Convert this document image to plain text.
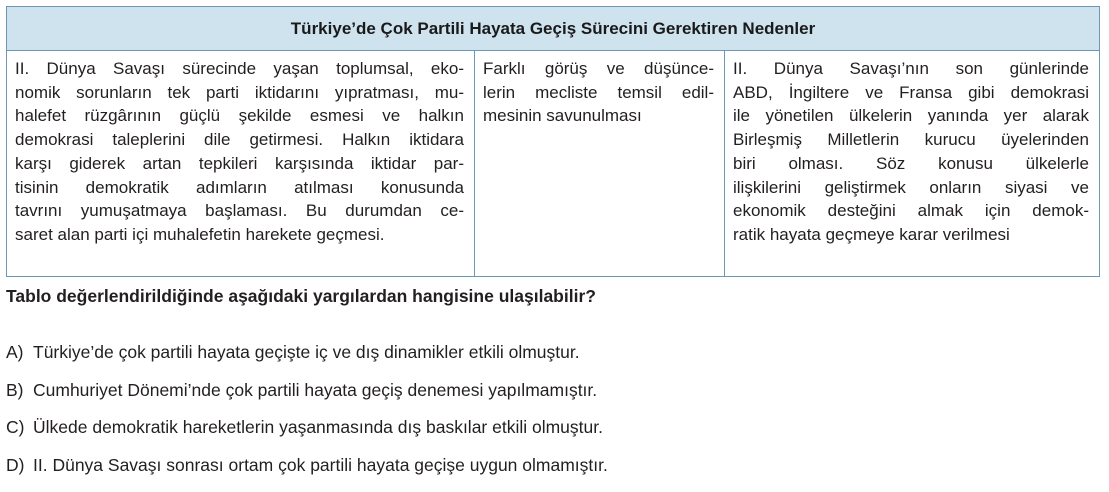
Türkiye’de Çok Partili Hayata Geçiş Sürecini Gerektiren Nedenler
II. Dünya Savaşı sürecinde yaşan toplumsal, eko-
nomik sorunların tek parti iktidarını yıpratması, mu-
halefet rüzgârının güçlü şekilde esmesi ve halkın
demokrasi taleplerini dile getirmesi. Halkın iktidara
karşı giderek artan tepkileri karşısında iktidar par-
tisinin demokratik adımların atılması konusunda
tavrını yumuşatmaya başlaması. Bu durumdan ce-
saret alan parti içi muhalefetin harekete geçmesi.
Farklı görüş ve düşünce-
lerin mecliste temsil edil-
mesinin savunulması
II. Dünya Savaşı’nın son günlerinde
ABD, İngiltere ve Fransa gibi demokrasi
ile yönetilen ülkelerin yanında yer alarak
Birleşmiş Milletlerin kurucu üyelerinden
biri olması. Söz konusu ülkelerle
ilişkilerini geliştirmek onların siyasi ve
ekonomik desteğini almak için demok-
ratik hayata geçmeye karar verilmesi
Tablo değerlendirildiğinde aşağıdaki yargılardan hangisine ulaşılabilir?
A) Türkiye’de çok partili hayata geçişte iç ve dış dinamikler etkili olmuştur.
B) Cumhuriyet Dönemi’nde çok partili hayata geçiş denemesi yapılmamıştır.
C) Ülkede demokratik hareketlerin yaşanmasında dış baskılar etkili olmuştur.
D) II. Dünya Savaşı sonrası ortam çok partili hayata geçişe uygun olmamıştır.
